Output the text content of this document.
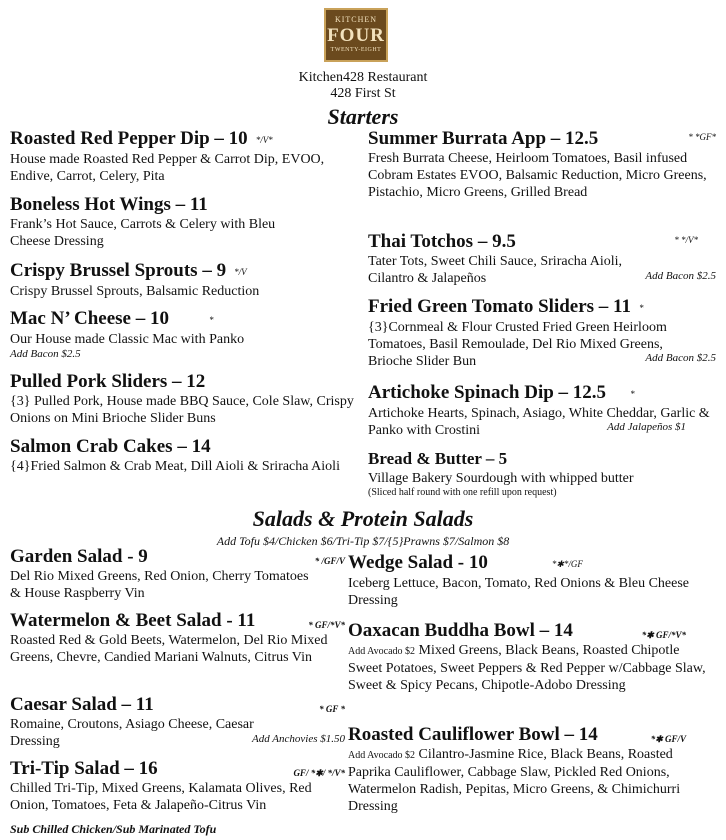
KITCHEN
FOUR
TWENTY-EIGHT
Kitchen428 Restaurant
428 First St
Starters
Roasted Red Pepper Dip – 10 */V*
House made Roasted Red Pepper & Carrot Dip, EVOO, Endive, Carrot, Celery, Pita
Boneless Hot Wings – 11
Frank’s Hot Sauce, Carrots & Celery with Bleu Cheese Dressing
Crispy Brussel Sprouts – 9 */V
Crispy Brussel Sprouts, Balsamic Reduction
Mac N’ Cheese – 10	*
Our House made Classic Mac with Panko
Add Bacon $2.5
Pulled Pork Sliders – 12
{3} Pulled Pork, House made BBQ Sauce, Cole Slaw, Crispy Onions on Mini Brioche Slider Buns
Salmon Crab Cakes – 14
{4}Fried Salmon & Crab Meat, Dill Aioli & Sriracha Aioli
Summer Burrata App – 12.5	* *GF*
Fresh Burrata Cheese, Heirloom Tomatoes, Basil infused Cobram Estates EVOO, Balsamic Reduction, Micro Greens, Pistachio, Micro Greens, Grilled Bread
Thai Totchos – 9.5	* */V*
Tater Tots, Sweet Chili Sauce, Sriracha Aioli, Cilantro & Jalapeños	Add Bacon $2.5
Fried Green Tomato Sliders – 11 *
{3}Cornmeal & Flour Crusted Fried Green Heirloom Tomatoes, Basil Remoulade, Del Rio Mixed Greens, Brioche Slider Bun	Add Bacon $2.5
Artichoke Spinach Dip – 12.5	*
Artichoke Hearts, Spinach, Asiago, White Cheddar, Garlic & Panko with Crostini	Add Jalapeños $1
Bread & Butter – 5
Village Bakery Sourdough with whipped butter
(Sliced half round with one refill upon request)
Salads & Protein Salads
Add Tofu $4/Chicken $6/Tri-Tip $7/{5}Prawns $7/Salmon $8
Garden Salad - 9	* /GF/V
Del Rio Mixed Greens, Red Onion, Cherry Tomatoes & House Raspberry Vin
Watermelon & Beet Salad - 11	* GF/*V*
Roasted Red & Gold Beets, Watermelon, Del Rio Mixed Greens, Chevre, Candied Mariani Walnuts, Citrus Vin
Caesar Salad – 11	* GF *
Romaine, Croutons, Asiago Cheese, Caesar Dressing	Add Anchovies $1.50
Tri-Tip Salad – 16	GF/ *✱/ */V*
Chilled Tri-Tip, Mixed Greens, Kalamata Olives, Red Onion, Tomatoes, Feta & Jalapeño-Citrus Vin
Wedge Salad - 10	*✱*/GF
Iceberg Lettuce, Bacon, Tomato, Red Onions & Bleu Cheese Dressing
Oaxacan Buddha Bowl – 14	*✱ GF/*V*
Add Avocado $2 Mixed Greens, Black Beans, Roasted Chipotle Sweet Potatoes, Sweet Peppers & Red Pepper w/Cabbage Slaw, Sweet & Spicy Pecans, Chipotle-Adobo Dressing
Roasted Cauliflower Bowl – 14	*✱ GF/V
Add Avocado $2 Cilantro-Jasmine Rice, Black Beans, Roasted Paprika Cauliflower, Cabbage Slaw, Pickled Red Onions, Watermelon Radish, Pepitas, Micro Greens, & Chimichurri Dressing
Sub Chilled Chicken/Sub Marinated Tofu
